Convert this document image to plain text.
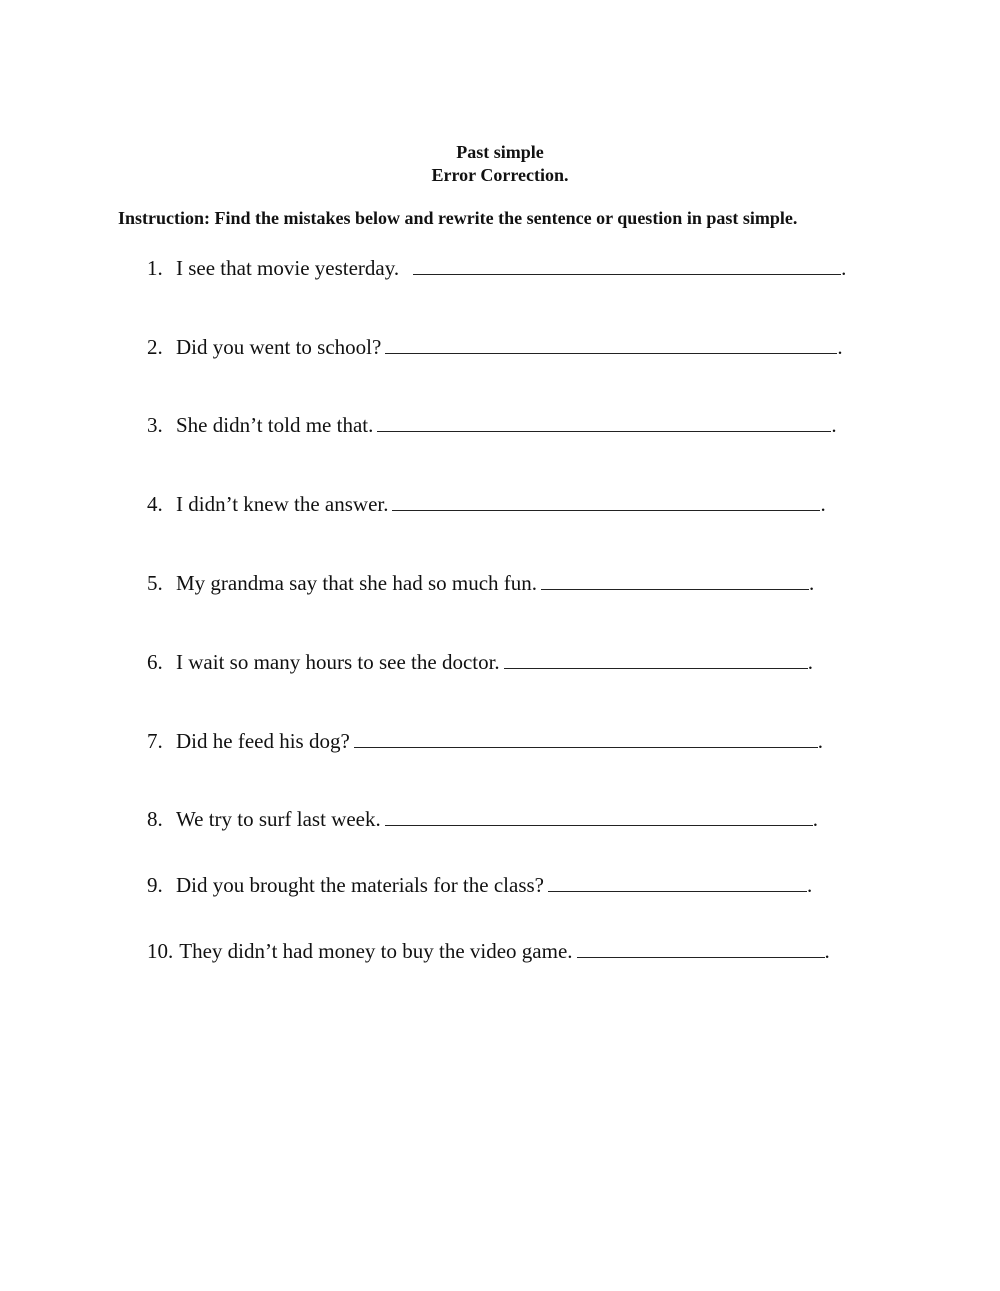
Past simple
Error Correction.
Instruction: Find the mistakes below and rewrite the sentence or question in past simple.
1. I see that movie yesterday.	.
2. Did you went to school?	.
3. She didn’t told me that.	.
4. I didn’t knew the answer.	.
5. My grandma say that she had so much fun.	.
6. I wait so many hours to see the doctor.	.
7. Did he feed his dog?	.
8. We try to surf last week.	.
9. Did you brought the materials for the class?	.
10. They didn’t had money to buy the video game.	.
